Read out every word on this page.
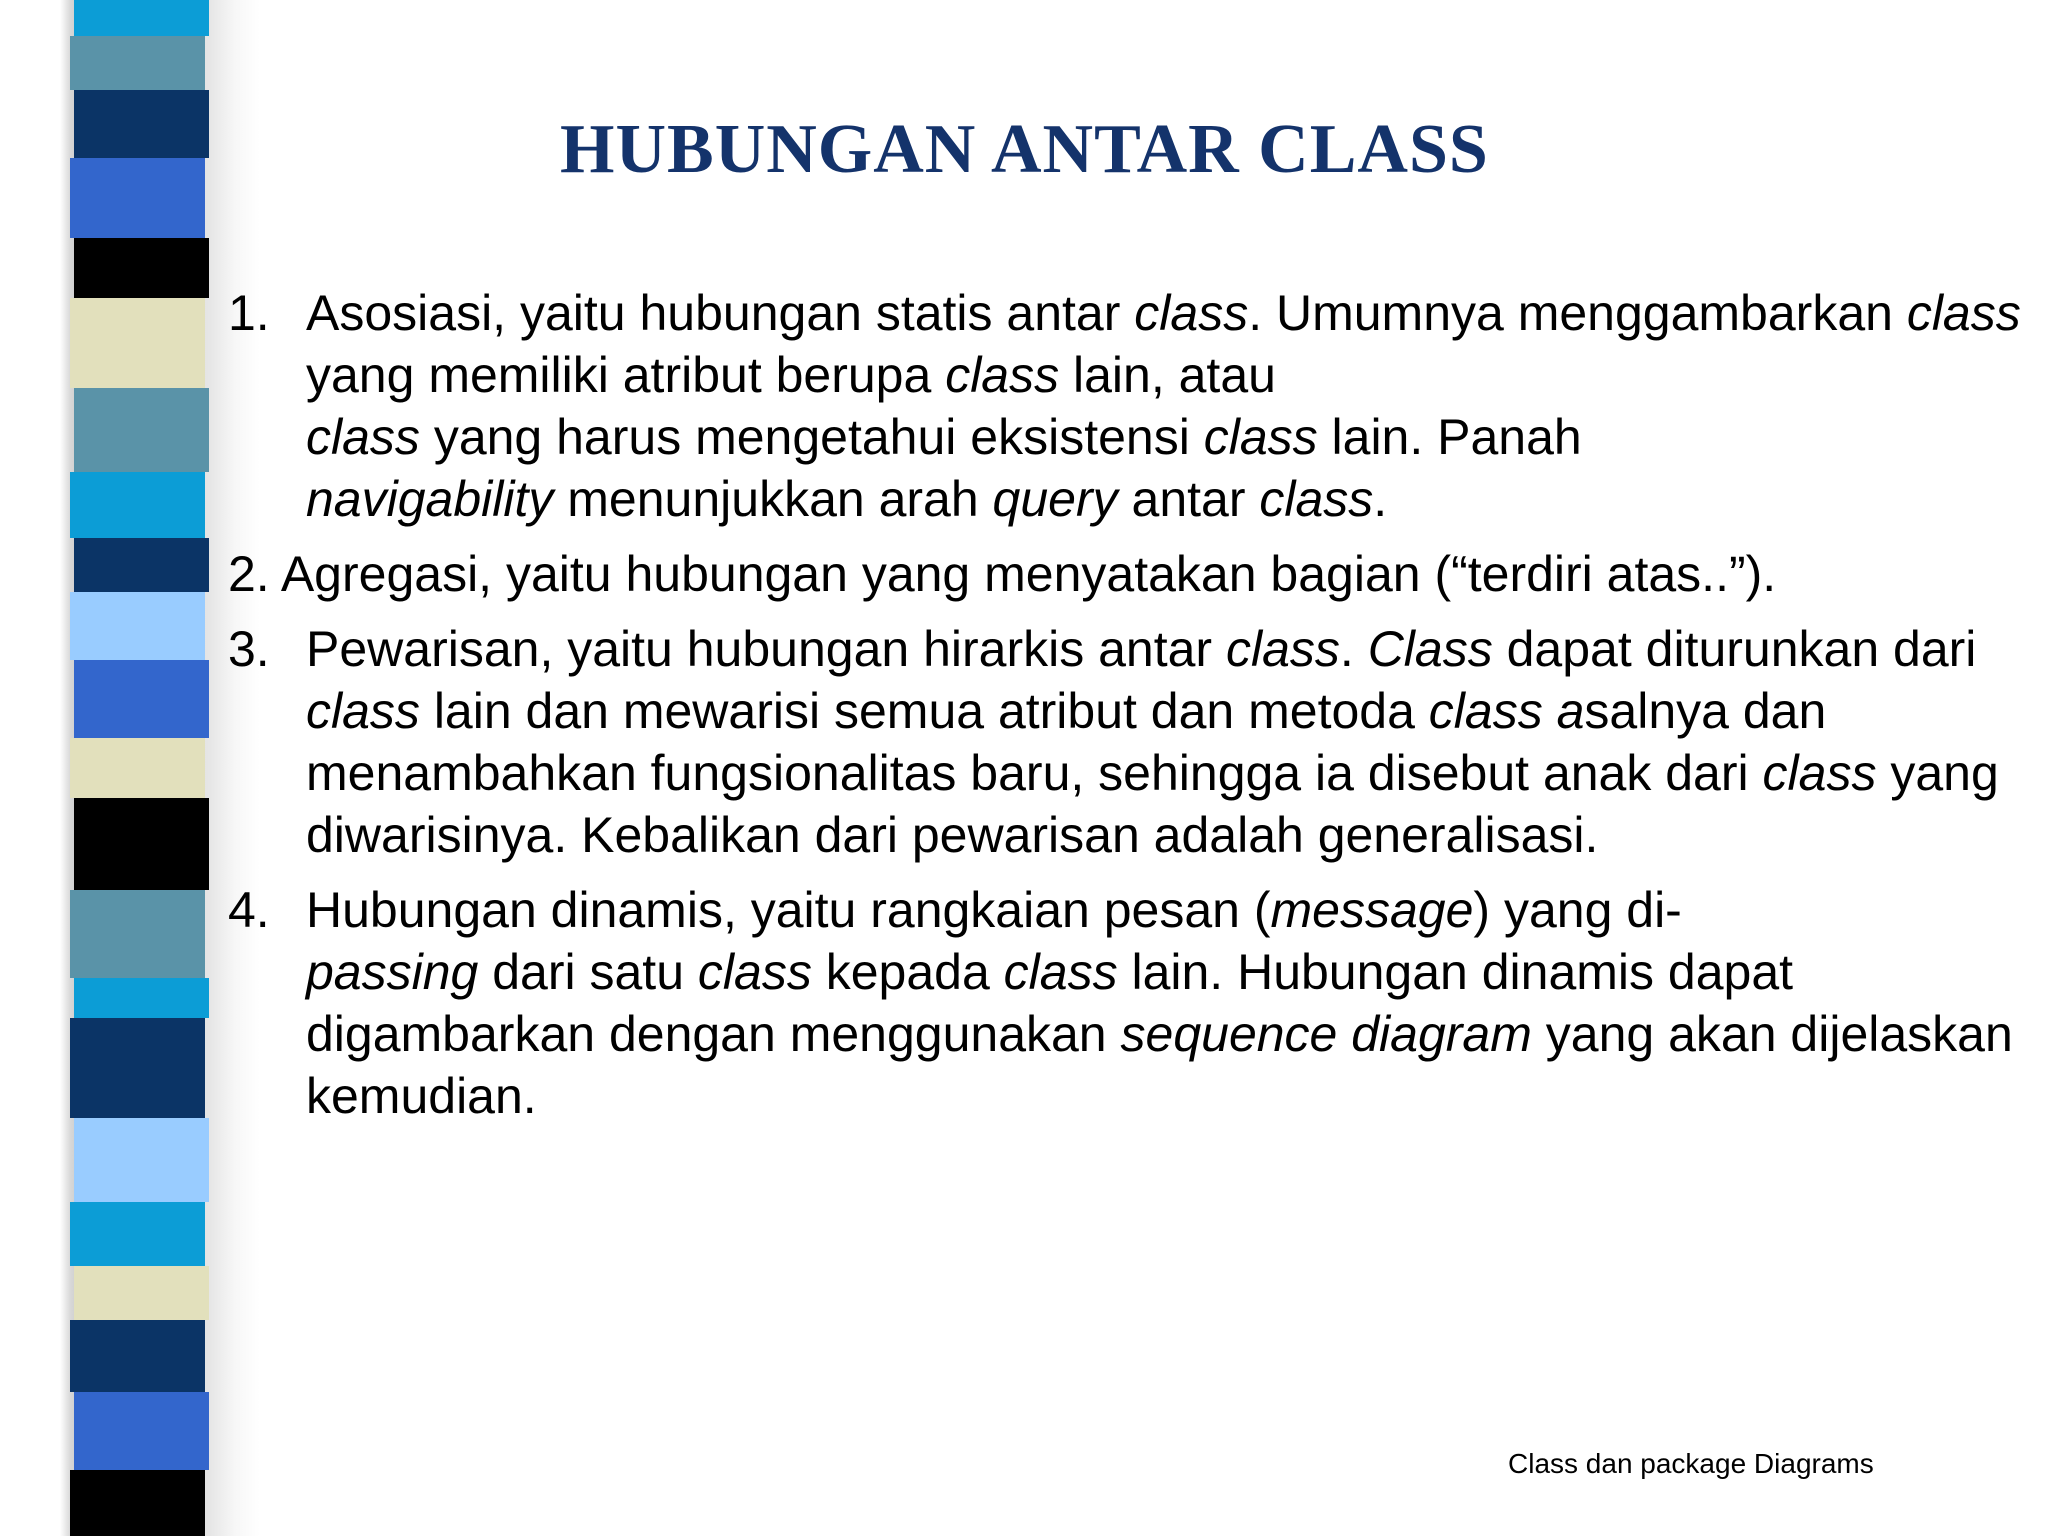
HUBUNGAN ANTAR CLASS
1. Asosiasi, yaitu hubungan statis antar class. Umumnya menggambarkan class yang memiliki atribut berupa class lain, atau
class yang harus mengetahui eksistensi class lain. Panah
navigability menunjukkan arah query antar class.
2. Agregasi, yaitu hubungan yang menyatakan bagian (“terdiri atas..”).
3. Pewarisan, yaitu hubungan hirarkis antar class. Class dapat diturunkan dari class lain dan mewarisi semua atribut dan metoda class asalnya dan menambahkan fungsionalitas baru, sehingga ia disebut anak dari class yang diwarisinya. Kebalikan dari pewarisan adalah generalisasi.
4. Hubungan dinamis, yaitu rangkaian pesan (message) yang di-
passing dari satu class kepada class lain. Hubungan dinamis dapat digambarkan dengan menggunakan sequence diagram yang akan dijelaskan kemudian.
Class dan package Diagrams
